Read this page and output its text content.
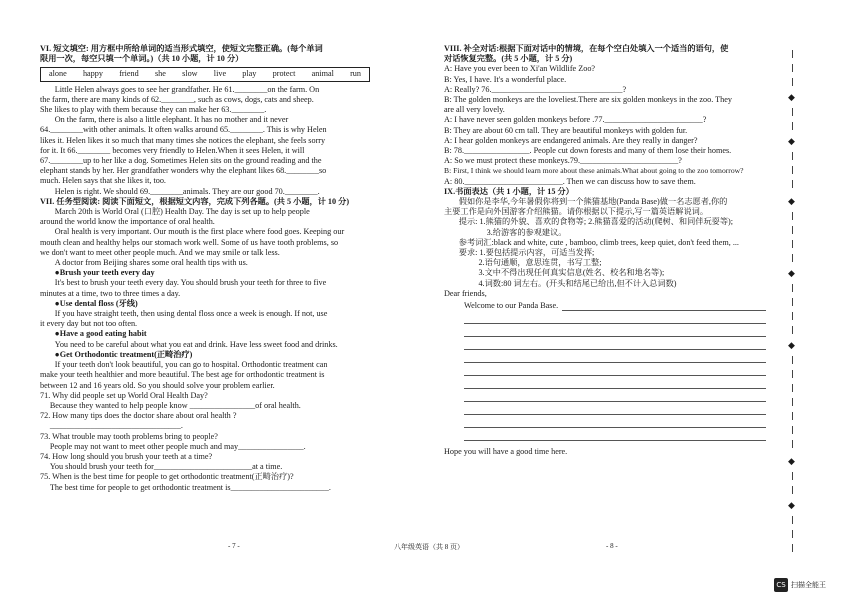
VI. 短文填空: 用方框中所给单词的适当形式填空，使短文完整正确。(每个单词
限用一次，每空只填一个单词。)（共 10 小题，计 10 分）
alone happy friend she slow live play protect animal run
Little Helen always goes to see her grandfather. He 61.________on the farm. On
the farm, there are many kinds of 62.________, such as cows, dogs, cats and sheep.
She likes to play with them because they can make her 63.________.
On the farm, there is also a little elephant. It has no mother and it never
64.________with other animals. It often walks around 65.________. This is why Helen
likes it. Helen likes it so much that many times she notices the elephant, she feels sorry
for it. It 66.________ becomes very friendly to Helen.When it sees Helen, it will
67.________up to her like a dog. Sometimes Helen sits on the ground reading and the
elephant stands by her. Her grandfather wonders why the elephant likes 68.________so
much. Helen says that she likes it, too.
Helen is right. We should 69.________animals. They are our good 70.________.
VII. 任务型阅读: 阅读下面短文，根据短文内容，完成下列各题。(共 5 小题，计 10 分)
March 20th is World Oral (口腔) Health Day. The day is set up to help people
around the world know the importance of oral health.
Oral health is very important. Our mouth is the first place where food goes. Keeping our
mouth clean and healthy helps our stomach work well. Some of us have tooth problems, so
we don't want to meet other people much. And we may smile or talk less.
A doctor from Beijing shares some oral health tips with us.
●Brush your teeth every day
It's best to brush your teeth every day. You should brush your teeth for three to five
minutes at a time, two to three times a day.
●Use dental floss (牙线)
If you have straight teeth, then using dental floss once a week is enough. If not, use
it every day but not too often.
●Have a good eating habit
You need to be careful about what you eat and drink. Have less sweet food and drinks.
●Get Orthodontic treatment(正畸治疗)
If your teeth don't look beautiful, you can go to hospital. Orthodontic treatment can
make your teeth healthier and more beautiful. The best age for orthodontic treatment is
between 12 and 16 years old. So you should solve your problem earlier.
71. Why did people set up World Oral Health Day?
Because they wanted to help people know ________________of oral health.
72. How many tips does the doctor share about oral health ?
________________________________.
73. What trouble may tooth problems bring to people?
People may not want to meet other people much and may________________.
74. How long should you brush your teeth at a time?
You should brush your teeth for________________________at a time.
75. When is the best time for people to get orthodontic treatment(正畸治疗)?
The best time for people to get orthodontic treatment is________________________.
VIII. 补全对话:根据下面对话中的情境，在每个空白处填入一个适当的语句，使
对话恢复完整。(共 5 小题，计 5 分)
A: Have you ever been to Xi'an Wildlife Zoo?
B: Yes, I have. It's a wonderful place.
A: Really? 76.________________________________?
B: The golden monkeys are the loveliest.There are six golden monkeys in the zoo. They
are all very lovely.
A: I have never seen golden monkeys before .77.________________________?
B: They are about 60 cm tall. They are beautiful monkeys with golden fur.
A: I hear golden monkeys are endangered animals. Are they really in danger?
B: 78.________________. People cut down forests and many of them lose their homes.
A: So we must protect these monkeys.79.________________________?
B: First, I think we should learn more about these animals.What about going to the zoo tomorrow?
A: 80.________________________. Then we can discuss how to save them.
IX.书面表达（共 1 小题，计 15 分）
假如你是李华,今年暑假你将到一个熊猫基地(Panda Base)做一名志愿者,你的
主要工作是向外国游客介绍熊猫。请你根据以下提示,写一篇英语解说词。
提示: 1.熊猫的外貌、喜欢的食物等; 2.熊猫喜爱的活动(爬树、和同伴玩耍等);
3.给游客的参观建议。
参考词汇:black and white, cute , bamboo, climb trees, keep quiet, don't feed them, ...
要求: 1.要包括提示内容，可适当发挥;
2.语句通顺，意思连贯，书写工整;
3.文中不得出现任何真实信息(姓名、校名和地名等);
4.词数:80 词左右。(开头和结尾已给出,但不计入总词数)
Dear friends,
Welcome to our Panda Base.
Hope you will have a good time here.
- 7 -	八年级英语（共 8 页）	- 8 -
◆
◆
◆
◆
◆
◆
◆
CS 扫描全能王
